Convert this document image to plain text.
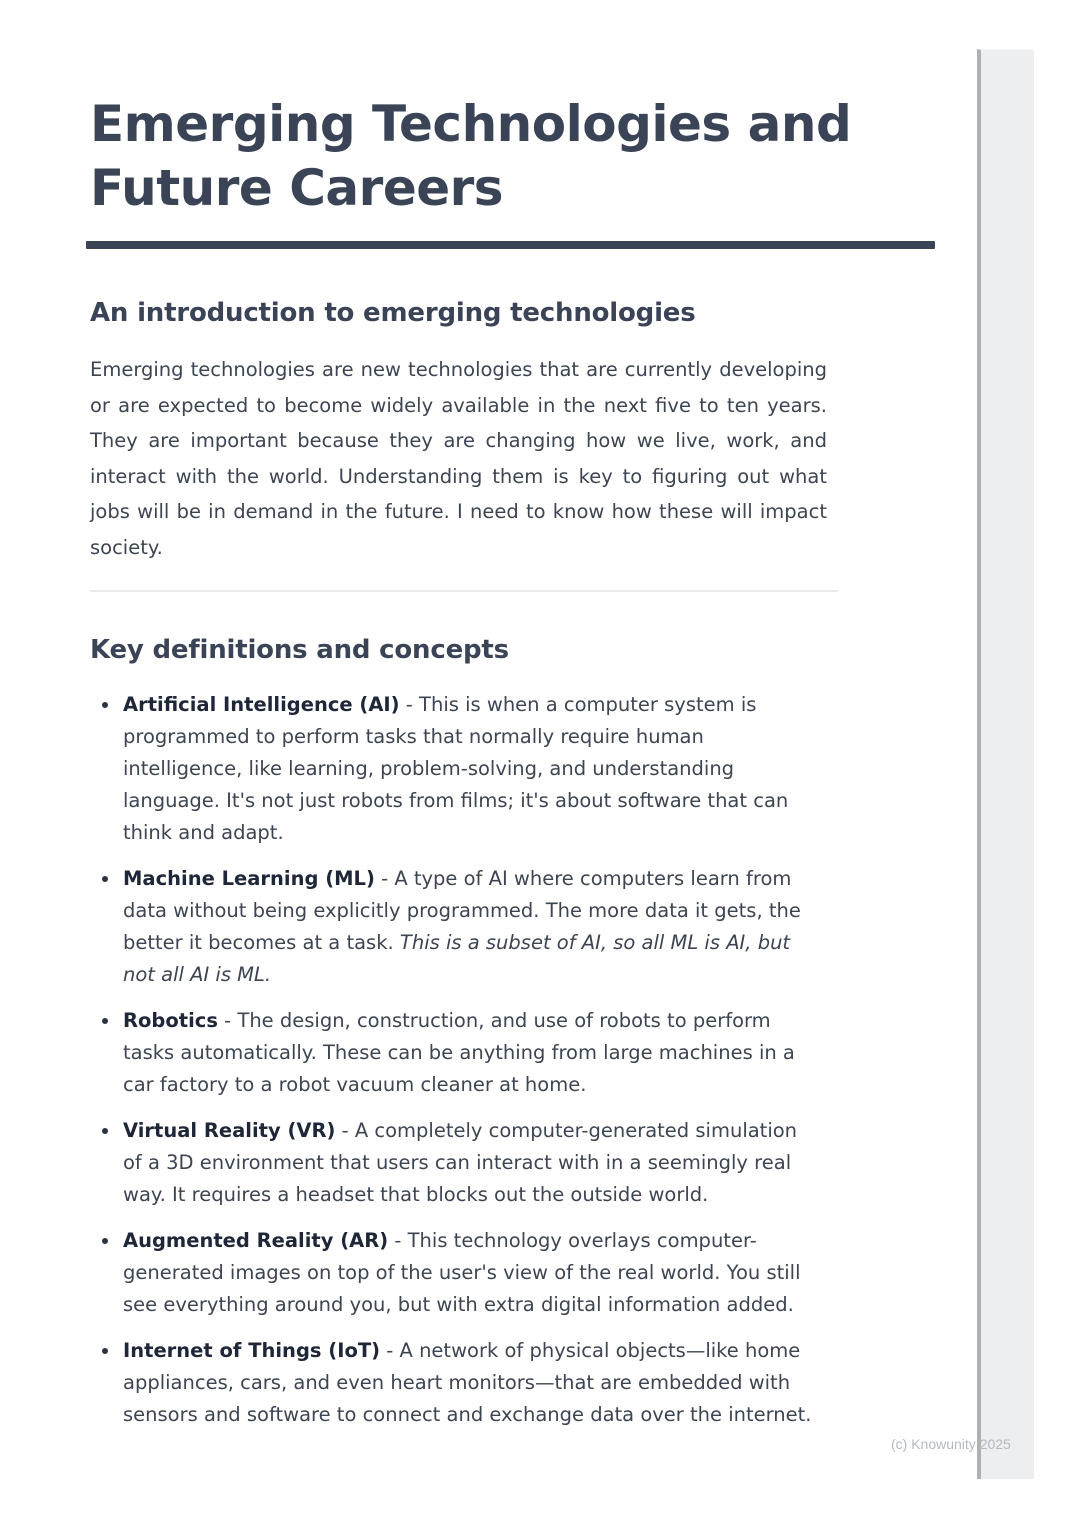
Emerging Technologies and Future Careers
An introduction to emerging technologies

Emerging technologies are new technologies that are currently developing or are expected to become widely available in the next five to ten years. They are important because they are changing how we live, work, and interact with the world. Understanding them is key to figuring out what jobs will be in demand in the future. I need to know how these will impact society.

Key definitions and concepts
Artificial Intelligence (AI) - This is when a computer system is programmed to perform tasks that normally require human intelligence, like learning, problem-solving, and understanding language. It's not just robots from films; it's about software that can think and adapt.
Machine Learning (ML) - A type of AI where computers learn from data without being explicitly programmed. The more data it gets, the better it becomes at a task. This is a subset of AI, so all ML is AI, but not all AI is ML.
Robotics - The design, construction, and use of robots to perform tasks automatically. These can be anything from large machines in a car factory to a robot vacuum cleaner at home.
Virtual Reality (VR) - A completely computer-generated simulation of a 3D environment that users can interact with in a seemingly real way. It requires a headset that blocks out the outside world.
Augmented Reality (AR) - This technology overlays computer-generated images on top of the user's view of the real world. You still see everything around you, but with extra digital information added.
Internet of Things (IoT) - A network of physical objects—like home appliances, cars, and even heart monitors—that are embedded with sensors and software to connect and exchange data over the internet.
(c) Knowunity 2025
